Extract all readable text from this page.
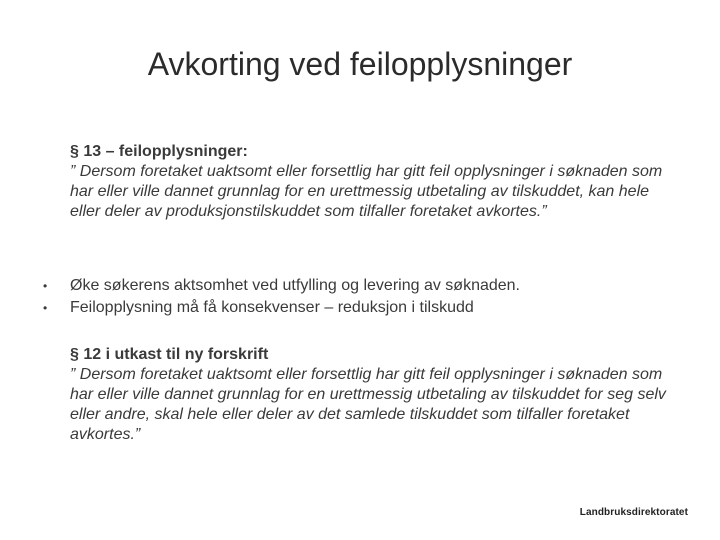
Avkorting ved feilopplysninger
§ 13 – feilopplysninger:
” Dersom foretaket uaktsomt eller forsettlig har gitt feil opplysninger i søknaden som har eller ville dannet grunnlag for en urettmessig utbetaling av tilskuddet, kan hele eller deler av produksjonstilskuddet som tilfaller foretaket avkortes.”
• Øke søkerens aktsomhet ved utfylling og levering av søknaden.
• Feilopplysning må få konsekvenser – reduksjon i tilskudd
§ 12 i utkast til ny forskrift
” Dersom foretaket uaktsomt eller forsettlig har gitt feil opplysninger i søknaden som har eller ville dannet grunnlag for en urettmessig utbetaling av tilskuddet for seg selv eller andre, skal hele eller deler av det samlede tilskuddet som tilfaller foretaket avkortes.”
Landbruksdirektoratet
